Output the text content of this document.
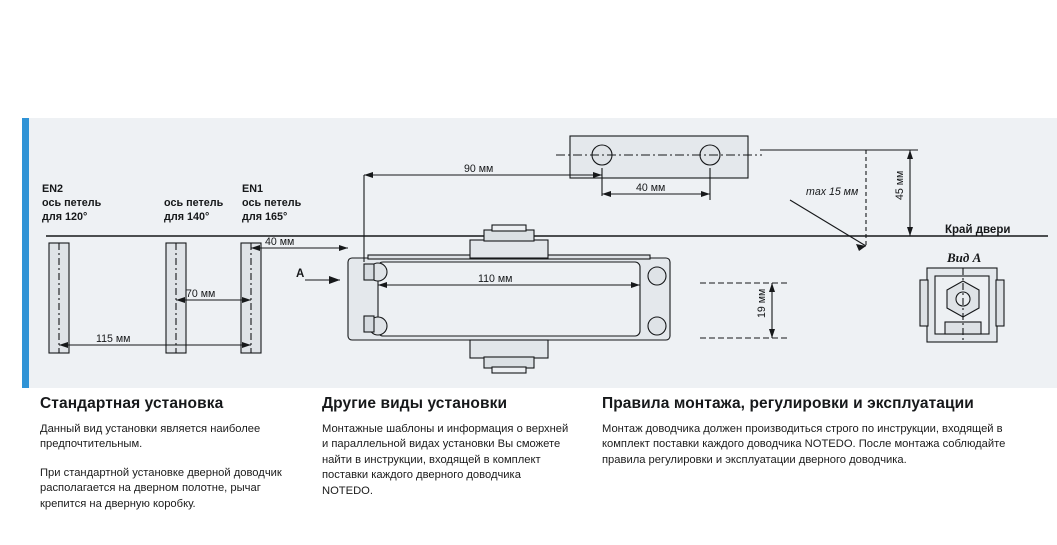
EN2
ось петель
для 120°
ось петель
для 140°
EN1
ось петель
для 165°
115 мм
70 мм
40 мм
110 мм
90 мм
40 мм	max 15 мм	45 мм
19 мм
Край двери
А
Вид А
Стандартная установка

Данный вид установки является наиболее предпочтительным.

При стандартной установке дверной доводчик располагается на дверном полотне, рычаг крепится на дверную коробку.

Другие виды установки

Монтажные шаблоны и информация о верхней и параллельной видах установки Вы сможете найти в инструкции, входящей в комплект поставки каждого дверного доводчика NOTEDO.

Правила монтажа, регулировки и эксплуатации

Монтаж доводчика должен производиться строго по инструкции, входящей в комплект поставки каждого доводчика NOTEDO. После монтажа соблюдайте правила регулировки и эксплуатации дверного доводчика.
